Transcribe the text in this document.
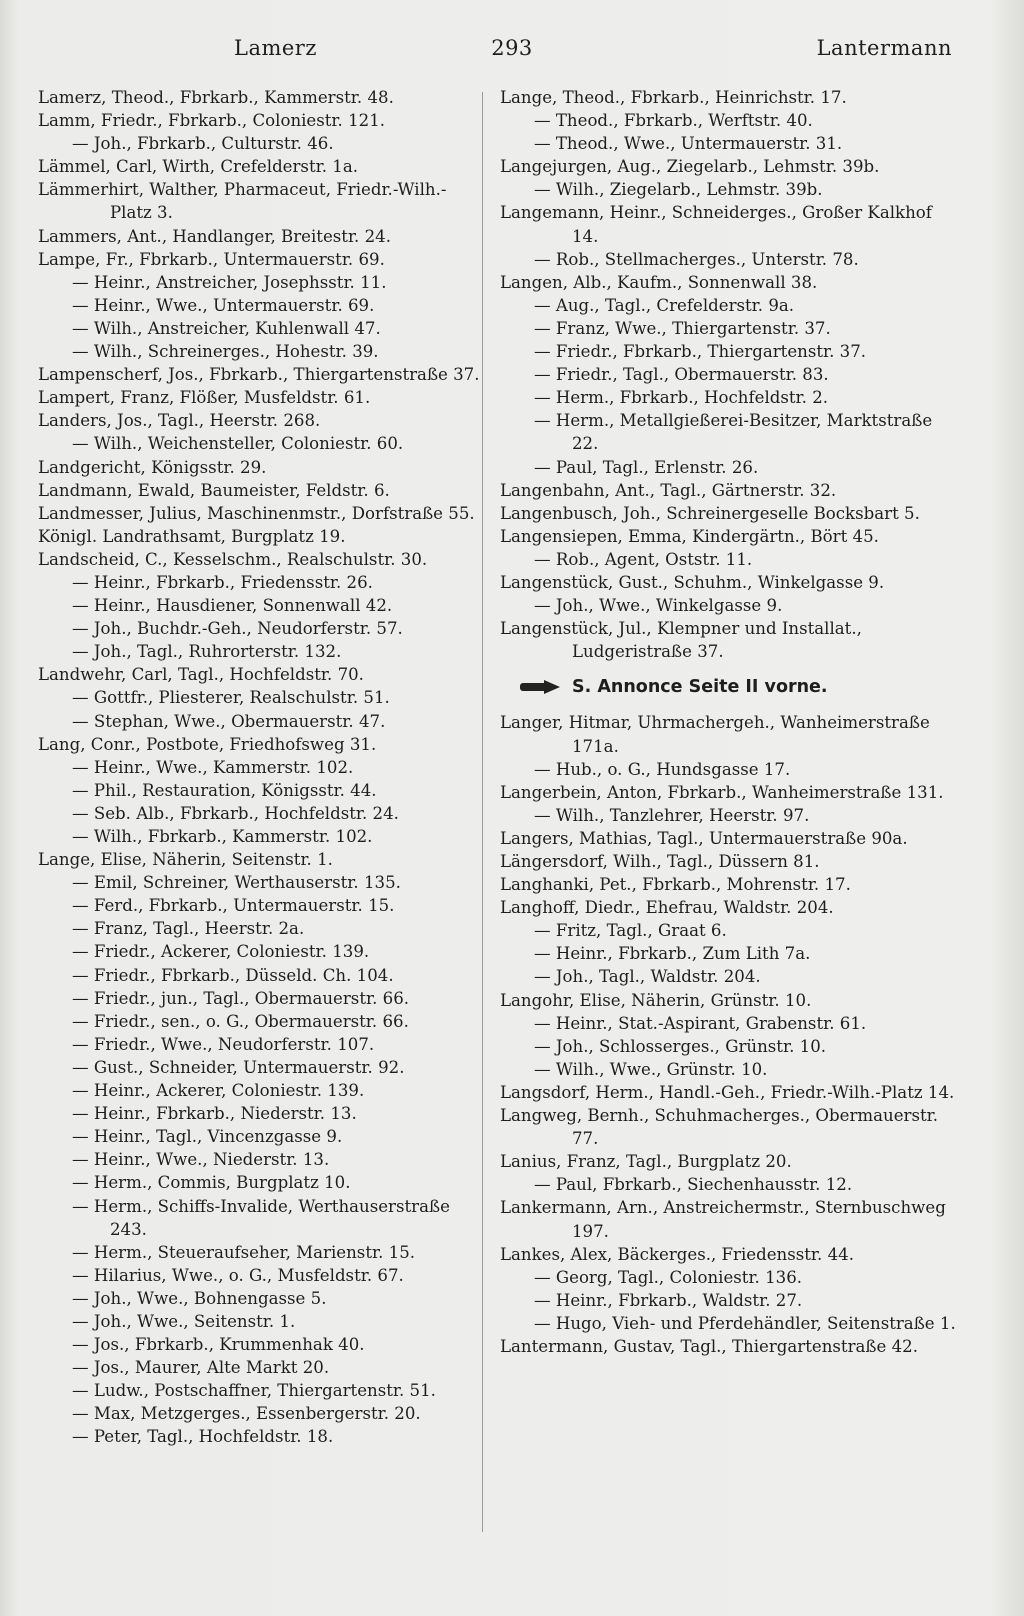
Lamerz	293	Lantermann
Lamerz, Theod., Fbrkarb., Kammerstr. 48.
Lamm, Friedr., Fbrkarb., Coloniestr. 121.
— Joh., Fbrkarb., Culturstr. 46.
Lämmel, Carl, Wirth, Crefelderstr. 1a.
Lämmerhirt, Walther, Pharmaceut, Friedr.-Wilh.-Platz 3.
Lammers, Ant., Handlanger, Breitestr. 24.
Lampe, Fr., Fbrkarb., Untermauerstr. 69.
— Heinr., Anstreicher, Josephsstr. 11.
— Heinr., Wwe., Untermauerstr. 69.
— Wilh., Anstreicher, Kuhlenwall 47.
— Wilh., Schreinerges., Hohestr. 39.
Lampenscherf, Jos., Fbrkarb., Thiergartenstraße 37.
Lampert, Franz, Flößer, Musfeldstr. 61.
Landers, Jos., Tagl., Heerstr. 268.
— Wilh., Weichensteller, Coloniestr. 60.
Landgericht, Königsstr. 29.
Landmann, Ewald, Baumeister, Feldstr. 6.
Landmesser, Julius, Maschinenmstr., Dorfstraße 55.
Königl. Landrathsamt, Burgplatz 19.
Landscheid, C., Kesselschm., Realschulstr. 30.
— Heinr., Fbrkarb., Friedensstr. 26.
— Heinr., Hausdiener, Sonnenwall 42.
— Joh., Buchdr.-Geh., Neudorferstr. 57.
— Joh., Tagl., Ruhrorterstr. 132.
Landwehr, Carl, Tagl., Hochfeldstr. 70.
— Gottfr., Pliesterer, Realschulstr. 51.
— Stephan, Wwe., Obermauerstr. 47.
Lang, Conr., Postbote, Friedhofsweg 31.
— Heinr., Wwe., Kammerstr. 102.
— Phil., Restauration, Königsstr. 44.
— Seb. Alb., Fbrkarb., Hochfeldstr. 24.
— Wilh., Fbrkarb., Kammerstr. 102.
Lange, Elise, Näherin, Seitenstr. 1.
— Emil, Schreiner, Werthauserstr. 135.
— Ferd., Fbrkarb., Untermauerstr. 15.
— Franz, Tagl., Heerstr. 2a.
— Friedr., Ackerer, Coloniestr. 139.
— Friedr., Fbrkarb., Düsseld. Ch. 104.
— Friedr., jun., Tagl., Obermauerstr. 66.
— Friedr., sen., o. G., Obermauerstr. 66.
— Friedr., Wwe., Neudorferstr. 107.
— Gust., Schneider, Untermauerstr. 92.
— Heinr., Ackerer, Coloniestr. 139.
— Heinr., Fbrkarb., Niederstr. 13.
— Heinr., Tagl., Vincenzgasse 9.
— Heinr., Wwe., Niederstr. 13.
— Herm., Commis, Burgplatz 10.
— Herm., Schiffs-Invalide, Werthauserstraße 243.
— Herm., Steueraufseher, Marienstr. 15.
— Hilarius, Wwe., o. G., Musfeldstr. 67.
— Joh., Wwe., Bohnengasse 5.
— Joh., Wwe., Seitenstr. 1.
— Jos., Fbrkarb., Krummenhak 40.
— Jos., Maurer, Alte Markt 20.
— Ludw., Postschaffner, Thiergartenstr. 51.
— Max, Metzgerges., Essenbergerstr. 20.
— Peter, Tagl., Hochfeldstr. 18.
Lange, Theod., Fbrkarb., Heinrichstr. 17.
— Theod., Fbrkarb., Werftstr. 40.
— Theod., Wwe., Untermauerstr. 31.
Langejurgen, Aug., Ziegelarb., Lehmstr. 39b.
— Wilh., Ziegelarb., Lehmstr. 39b.
Langemann, Heinr., Schneiderges., Großer Kalkhof 14.
— Rob., Stellmacherges., Unterstr. 78.
Langen, Alb., Kaufm., Sonnenwall 38.
— Aug., Tagl., Crefelderstr. 9a.
— Franz, Wwe., Thiergartenstr. 37.
— Friedr., Fbrkarb., Thiergartenstr. 37.
— Friedr., Tagl., Obermauerstr. 83.
— Herm., Fbrkarb., Hochfeldstr. 2.
— Herm., Metallgießerei-Besitzer, Marktstraße 22.
— Paul, Tagl., Erlenstr. 26.
Langenbahn, Ant., Tagl., Gärtnerstr. 32.
Langenbusch, Joh., Schreinergeselle Bocksbart 5.
Langensiepen, Emma, Kindergärtn., Bört 45.
— Rob., Agent, Oststr. 11.
Langenstück, Gust., Schuhm., Winkelgasse 9.
— Joh., Wwe., Winkelgasse 9.
Langenstück, Jul., Klempner und Installat., Ludgeristraße 37.
S. Annonce Seite II vorne.
Langer, Hitmar, Uhrmachergeh., Wanheimerstraße 171a.
— Hub., o. G., Hundsgasse 17.
Langerbein, Anton, Fbrkarb., Wanheimerstraße 131.
— Wilh., Tanzlehrer, Heerstr. 97.
Langers, Mathias, Tagl., Untermauerstraße 90a.
Längersdorf, Wilh., Tagl., Düssern 81.
Langhanki, Pet., Fbrkarb., Mohrenstr. 17.
Langhoff, Diedr., Ehefrau, Waldstr. 204.
— Fritz, Tagl., Graat 6.
— Heinr., Fbrkarb., Zum Lith 7a.
— Joh., Tagl., Waldstr. 204.
Langohr, Elise, Näherin, Grünstr. 10.
— Heinr., Stat.-Aspirant, Grabenstr. 61.
— Joh., Schlosserges., Grünstr. 10.
— Wilh., Wwe., Grünstr. 10.
Langsdorf, Herm., Handl.-Geh., Friedr.-Wilh.-Platz 14.
Langweg, Bernh., Schuhmacherges., Obermauerstr. 77.
Lanius, Franz, Tagl., Burgplatz 20.
— Paul, Fbrkarb., Siechenhausstr. 12.
Lankermann, Arn., Anstreichermstr., Sternbuschweg 197.
Lankes, Alex, Bäckerges., Friedensstr. 44.
— Georg, Tagl., Coloniestr. 136.
— Heinr., Fbrkarb., Waldstr. 27.
— Hugo, Vieh- und Pferdehändler, Seitenstraße 1.
Lantermann, Gustav, Tagl., Thiergartenstraße 42.
